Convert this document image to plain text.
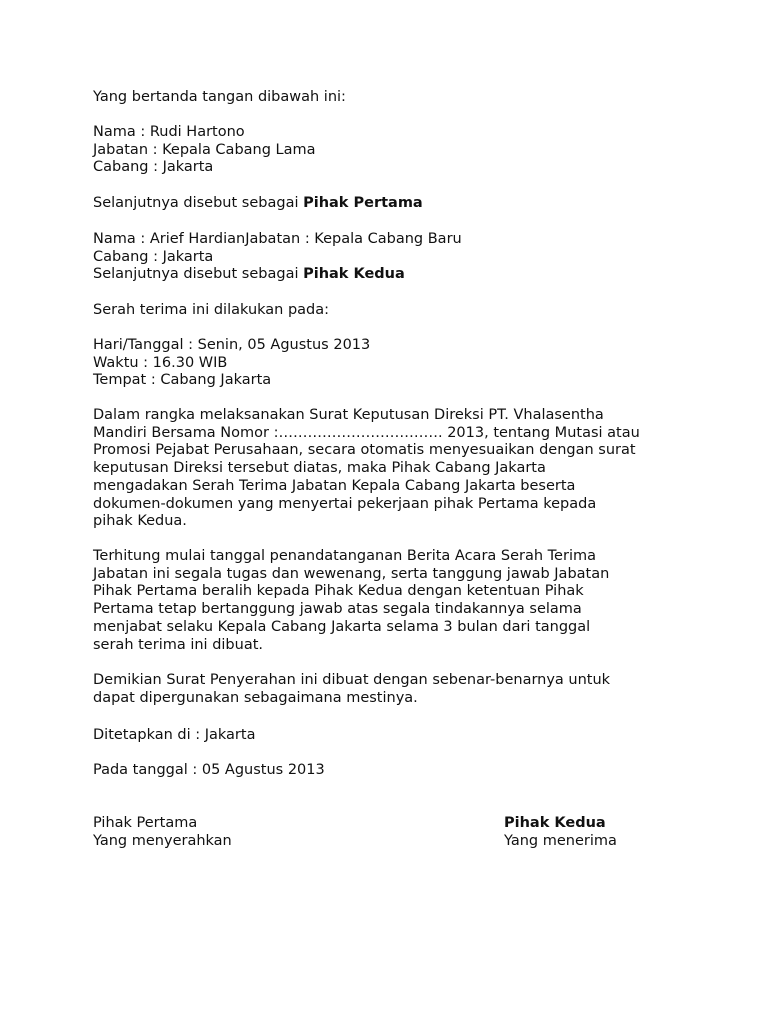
Yang bertanda tangan dibawah ini:
Nama : Rudi Hartono
Jabatan : Kepala Cabang Lama
Cabang : Jakarta
Selanjutnya disebut sebagai Pihak Pertama
Nama : Arief HardianJabatan : Kepala Cabang Baru
Cabang : Jakarta
Selanjutnya disebut sebagai Pihak Kedua
Serah terima ini dilakukan pada:
Hari/Tanggal : Senin, 05 Agustus 2013
Waktu : 16.30 WIB
Tempat : Cabang Jakarta
Dalam rangka melaksanakan Surat Keputusan Direksi PT. Vhalasentha
Mandiri Bersama Nomor :……………………………. 2013, tentang Mutasi atau
Promosi Pejabat Perusahaan, secara otomatis menyesuaikan dengan surat
keputusan Direksi tersebut diatas, maka Pihak Cabang Jakarta
mengadakan Serah Terima Jabatan Kepala Cabang Jakarta beserta
dokumen-dokumen yang menyertai pekerjaan pihak Pertama kepada
pihak Kedua.
Terhitung mulai tanggal penandatanganan Berita Acara Serah Terima
Jabatan ini segala tugas dan wewenang, serta tanggung jawab Jabatan
Pihak Pertama beralih kepada Pihak Kedua dengan ketentuan Pihak
Pertama tetap bertanggung jawab atas segala tindakannya selama
menjabat selaku Kepala Cabang Jakarta selama 3 bulan dari tanggal
serah terima ini dibuat.
Demikian Surat Penyerahan ini dibuat dengan sebenar-benarnya untuk
dapat dipergunakan sebagaimana mestinya.
Ditetapkan di : Jakarta
Pada tanggal : 05 Agustus 2013
Pihak Pertama
Yang menyerahkan
Pihak Kedua
Yang menerima
